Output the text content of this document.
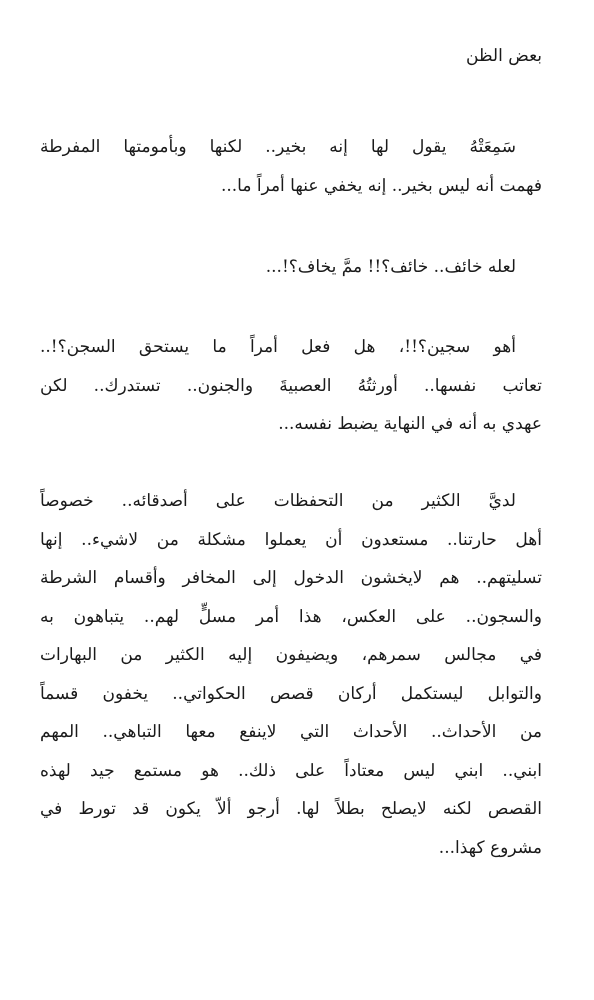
بعض الظن
سَمِعَتْهُ يقول لها إنه بخير.. لكنها وبأمومتها المفرطة
فهمت أنه ليس بخير.. إنه يخفي عنها أمراً ما...
لعله خائف.. خائف؟!! ممَّ يخاف؟!...
أهو سجين؟!!، هل فعل أمراً ما يستحق السجن؟!..
تعاتب نفسها.. أورثتُهُ العصبيةَ والجنون.. تستدرك.. لكن
عهدي به أنه في النهاية يضبط نفسه...
لديَّ الكثير من التحفظات على أصدقائه.. خصوصاً
أهل حارتنا.. مستعدون أن يعملوا مشكلة من لاشيء.. إنها
تسليتهم.. هم لايخشون الدخول إلى المخافر وأقسام الشرطة
والسجون.. على العكس، هذا أمر مسلٍّ لهم.. يتباهون به
في مجالس سمرهم، ويضيفون إليه الكثير من البهارات
والتوابل ليستكمل أركان قصص الحكواتي.. يخفون قسماً
من الأحداث.. الأحداث التي لاينفع معها التباهي.. المهم
ابني.. ابني ليس معتاداً على ذلك.. هو مستمع جيد لهذه
القصص لكنه لايصلح بطلاً لها. أرجو ألاّ يكون قد تورط في
مشروع كهذا...
